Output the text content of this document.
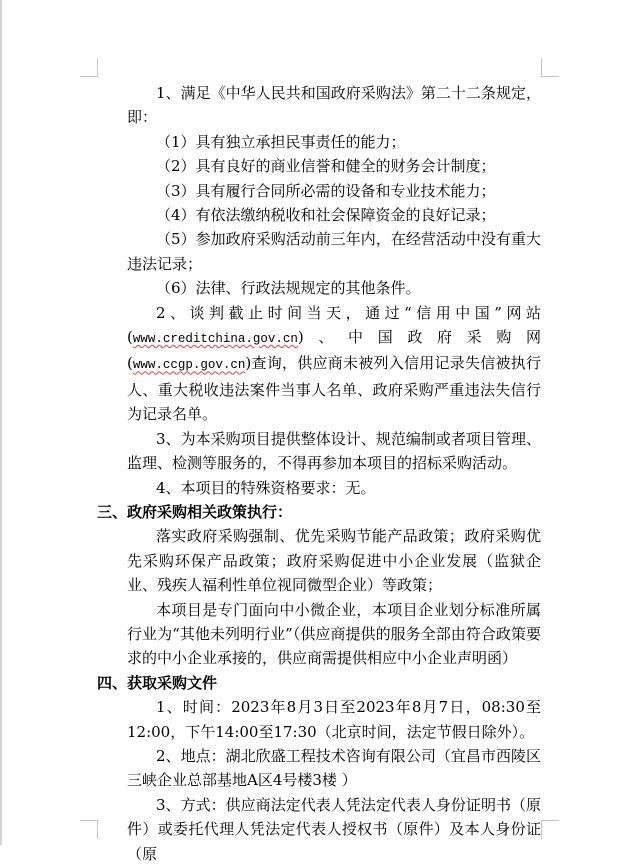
1、满足《中华人民共和国政府采购法》第二十二条规定，即：

（1）具有独立承担民事责任的能力；

（2）具有良好的商业信誉和健全的财务会计制度；

（3）具有履行合同所必需的设备和专业技术能力；

（4）有依法缴纳税收和社会保障资金的良好记录；

（5）参加政府采购活动前三年内，在经营活动中没有重大违法记录；

（6）法律、行政法规规定的其他条件。

2、谈判截止时间当天，通过“信用中国”网站(www.creditchina.gov.cn)、中国政府采购网(www.ccgp.gov.cn)查询，供应商未被列入信用记录失信被执行人、重大税收违法案件当事人名单、政府采购严重违法失信行为记录名单。

3、为本采购项目提供整体设计、规范编制或者项目管理、监理、检测等服务的，不得再参加本项目的招标采购活动。

4、本项目的特殊资格要求：无。

三、政府采购相关政策执行：

落实政府采购强制、优先采购节能产品政策；政府采购优先采购环保产品政策；政府采购促进中小企业发展（监狱企业、残疾人福利性单位视同微型企业）等政策；

本项目是专门面向中小微企业，本项目企业划分标准所属行业为“其他未列明行业”（供应商提供的服务全部由符合政策要求的中小企业承接的，供应商需提供相应中小企业声明函）

四、获取采购文件

1、时间：2023年8月3日至2023年8月7日，08:30至12:00，下午14:00至17:30（北京时间，法定节假日除外）。

2、地点：湖北欣盛工程技术咨询有限公司（宜昌市西陵区三峡企业总部基地A区4号楼3楼 ）

3、方式：供应商法定代表人凭法定代表人身份证明书（原件）或委托代理人凭法定代表人授权书（原件）及本人身份证（原
